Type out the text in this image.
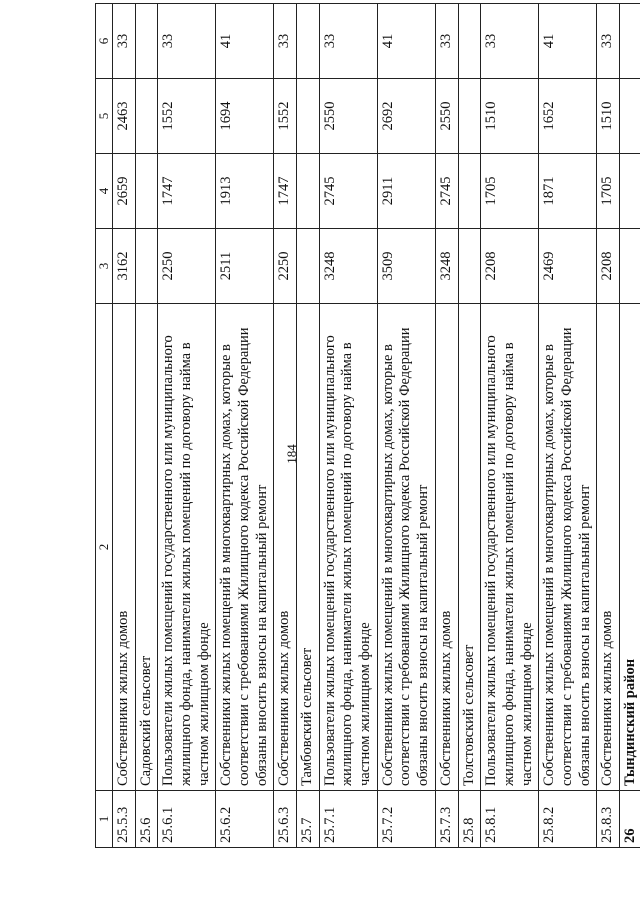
184
1	2	3	4	5	6
25.5.3	Собственники жилых домов	3162	2659	2463	33
25.6	Садовский сельсовет				
25.6.1	Пользователи жилых помещений государственного или муниципального жилищного фонда, наниматели жилых помещений по договору найма в частном жилищном фонде	2250	1747	1552	33
25.6.2	Собственники жилых помещений в многоквартирных домах, которые в соответствии с требованиями Жилищного кодекса Российской Федерации обязаны вносить взносы на капитальный ремонт	2511	1913	1694	41
25.6.3	Собственники жилых домов	2250	1747	1552	33
25.7	Тамбовский сельсовет				
25.7.1	Пользователи жилых помещений государственного или муниципального жилищного фонда, наниматели жилых помещений по договору найма в частном жилищном фонде	3248	2745	2550	33
25.7.2	Собственники жилых помещений в многоквартирных домах, которые в соответствии с требованиями Жилищного кодекса Российской Федерации обязаны вносить взносы на капитальный ремонт	3509	2911	2692	41
25.7.3	Собственники жилых домов	3248	2745	2550	33
25.8	Толстовский сельсовет				
25.8.1	Пользователи жилых помещений государственного или муниципального жилищного фонда, наниматели жилых помещений по договору найма в частном жилищном фонде	2208	1705	1510	33
25.8.2	Собственники жилых помещений в многоквартирных домах, которые в соответствии с требованиями Жилищного кодекса Российской Федерации обязаны вносить взносы на капитальный ремонт	2469	1871	1652	41
25.8.3	Собственники жилых домов	2208	1705	1510	33
26	Тындинский район				
